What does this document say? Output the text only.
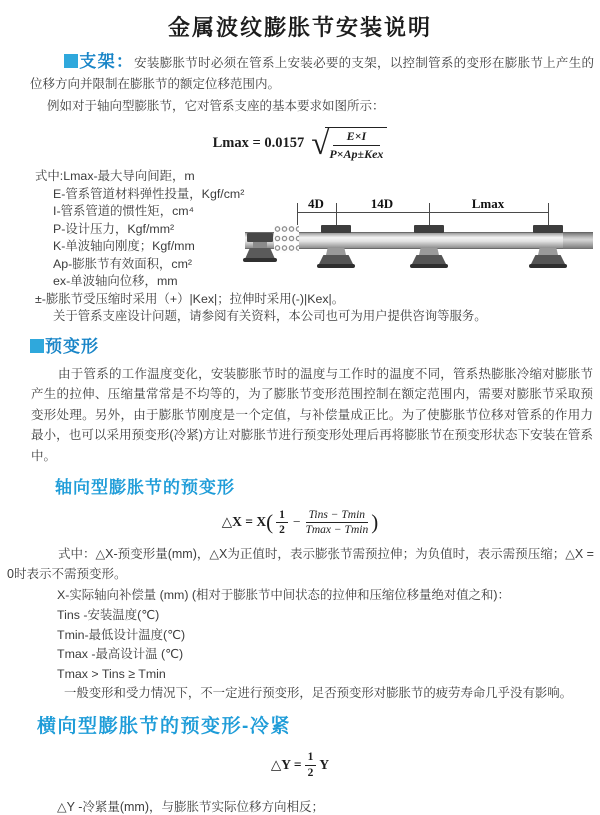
金属波纹膨胀节安装说明

支架：安装膨胀节时必须在管系上安装必要的支架，以控制管系的变形在膨胀节上产生的位移方向并限制在膨胀节的额定位移范围内。

例如对于轴向型膨胀节，它对管系支座的基本要求如图所示：

Lmax = 0.0157 √
$\frac{E\times I}{\text{P×Ap±Kex}}$
式中:Lmax-最大导向间距，m
E-管系管道材料弹性投量，Kgf/cm²
I-管系管道的惯性矩，cm⁴
P-设计压力，Kgf/mm²
K-单波轴向刚度；Kgf/mm
Ap-膨胀节有效面积，cm²
ex-单波轴向位移，mm
±-膨胀节受压缩时采用（+）|Kex|；拉伸时采用(-)|Kex|。
关于管系支座设计问题，请参阅有关资料，本公司也可为用户提供咨询等服务。

预变形

由于管系的工作温度变化，安装膨胀节时的温度与工作时的温度不同，管系热膨胀冷缩对膨胀节产生的拉伸、压缩量常常是不均等的，为了膨胀节变形范围控制在额定范围内，需要对膨胀节采取预变形处理。另外，由于膨胀节刚度是一个定值，与补偿量成正比。为了使膨胀节位移对管系的作用力最小，也可以采用预变形(冷紧)方让对膨胀节进行预变形处理后再将膨胀节在预变形状态下安装在管系中。

轴向型膨胀节的预变形
△X = X ( $\frac{1}{2} - \frac{\text{Tins − Tmin}}{Tmax - Tmin}$ )

式中：△X-预变形量(mm)，△X为正值时，表示膨张节需预拉伸；为负值时，表示需预压缩；△X = 0时表示不需预变形。

X-实际轴向补偿量 (mm) (相对于膨胀节中间状态的拉伸和压缩位移量绝对值之和)：
Tins -安装温度(℃)
Tmin-最低设计温度(℃)
Tmax -最高设计温 (℃)
Tmax > Tins ≥ Tmin
一般变形和受力情况下，不一定进行预变形，足否预变形对膨胀节的疲劳寿命几乎没有影响。
横向型膨胀节的预变形-冷紧
△Y = $\frac{1}{2}$ Y
△Y -冷紧量(mm)，与膨胀节实际位移方向相反；
4D	14D	Lmax
